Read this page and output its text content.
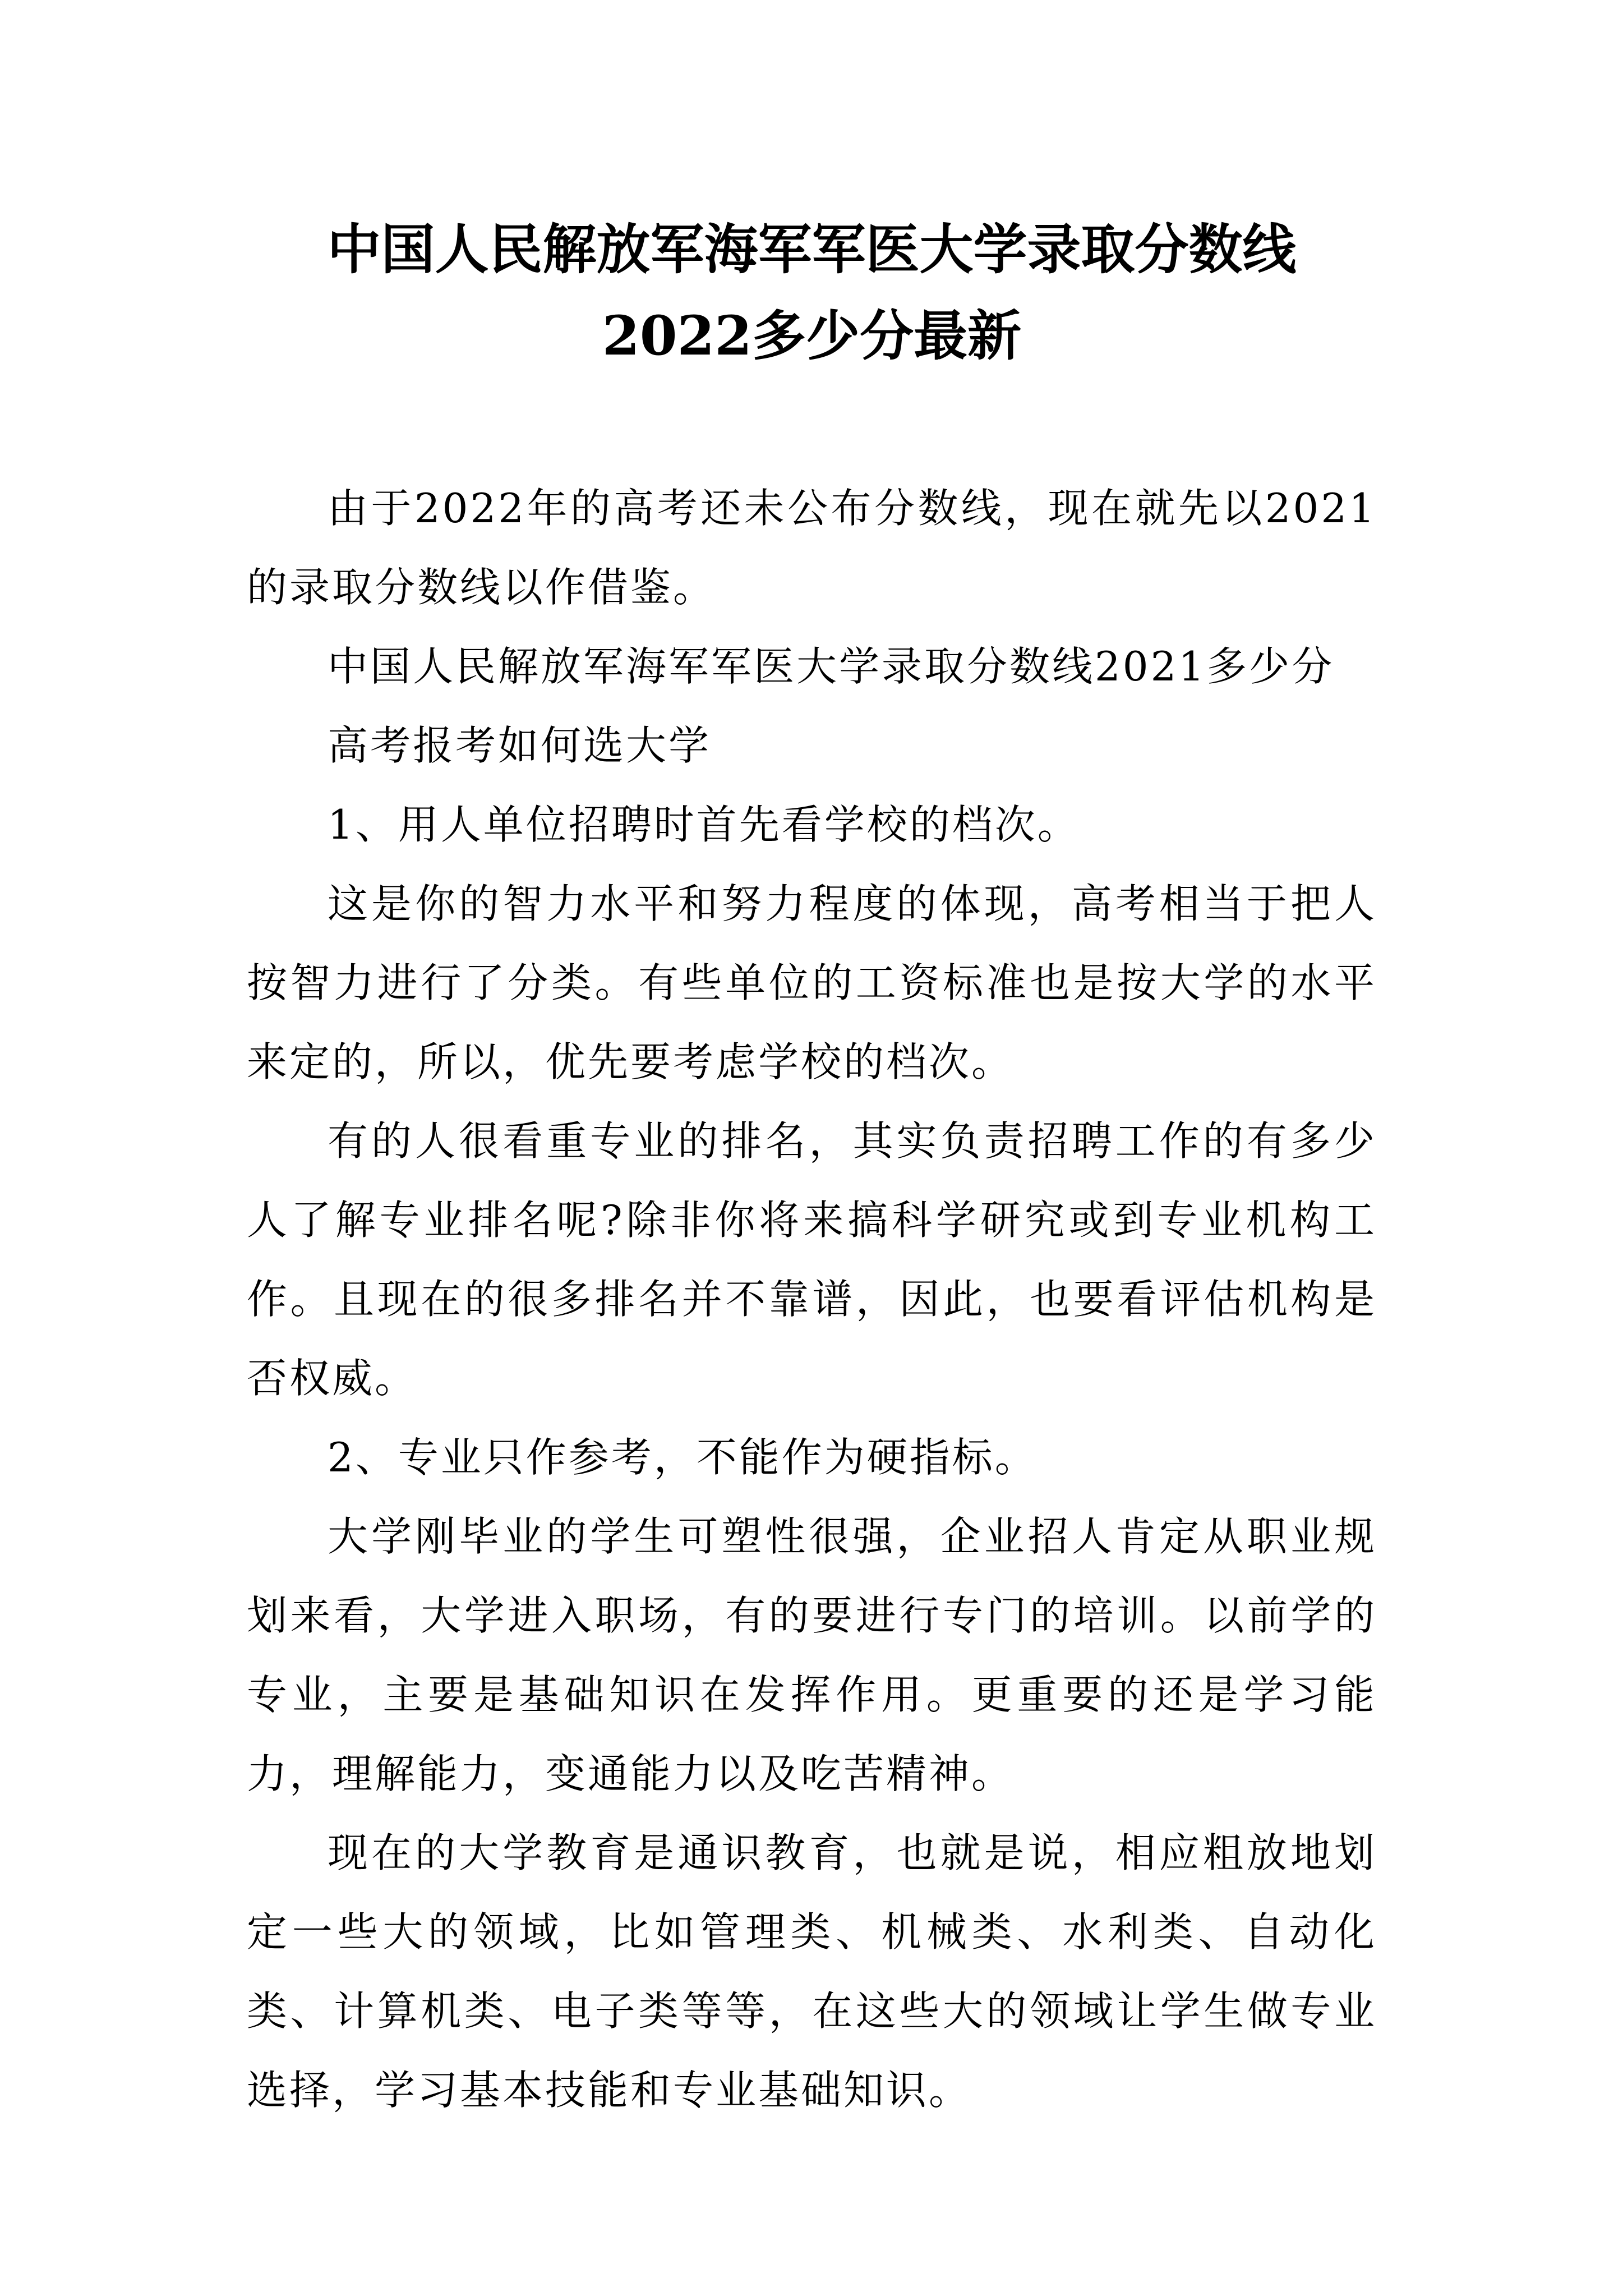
中国人民解放军海军军医大学录取分数线
2022多少分最新

由于2022年的高考还未公布分数线，现在就先以2021的录取分数线以作借鉴。

中国人民解放军海军军医大学录取分数线2021多少分

高考报考如何选大学

1、用人单位招聘时首先看学校的档次。

这是你的智力水平和努力程度的体现，高考相当于把人按智力进行了分类。有些单位的工资标准也是按大学的水平来定的，所以，优先要考虑学校的档次。

有的人很看重专业的排名，其实负责招聘工作的有多少人了解专业排名呢?除非你将来搞科学研究或到专业机构工作。且现在的很多排名并不靠谱，因此，也要看评估机构是否权威。

2、专业只作参考，不能作为硬指标。

大学刚毕业的学生可塑性很强，企业招人肯定从职业规划来看，大学进入职场，有的要进行专门的培训。以前学的专业，主要是基础知识在发挥作用。更重要的还是学习能力，理解能力，变通能力以及吃苦精神。

现在的大学教育是通识教育，也就是说，相应粗放地划定一些大的领域，比如管理类、机械类、水利类、自动化类、计算机类、电子类等等，在这些大的领域让学生做专业选择，学习基本技能和专业基础知识。
